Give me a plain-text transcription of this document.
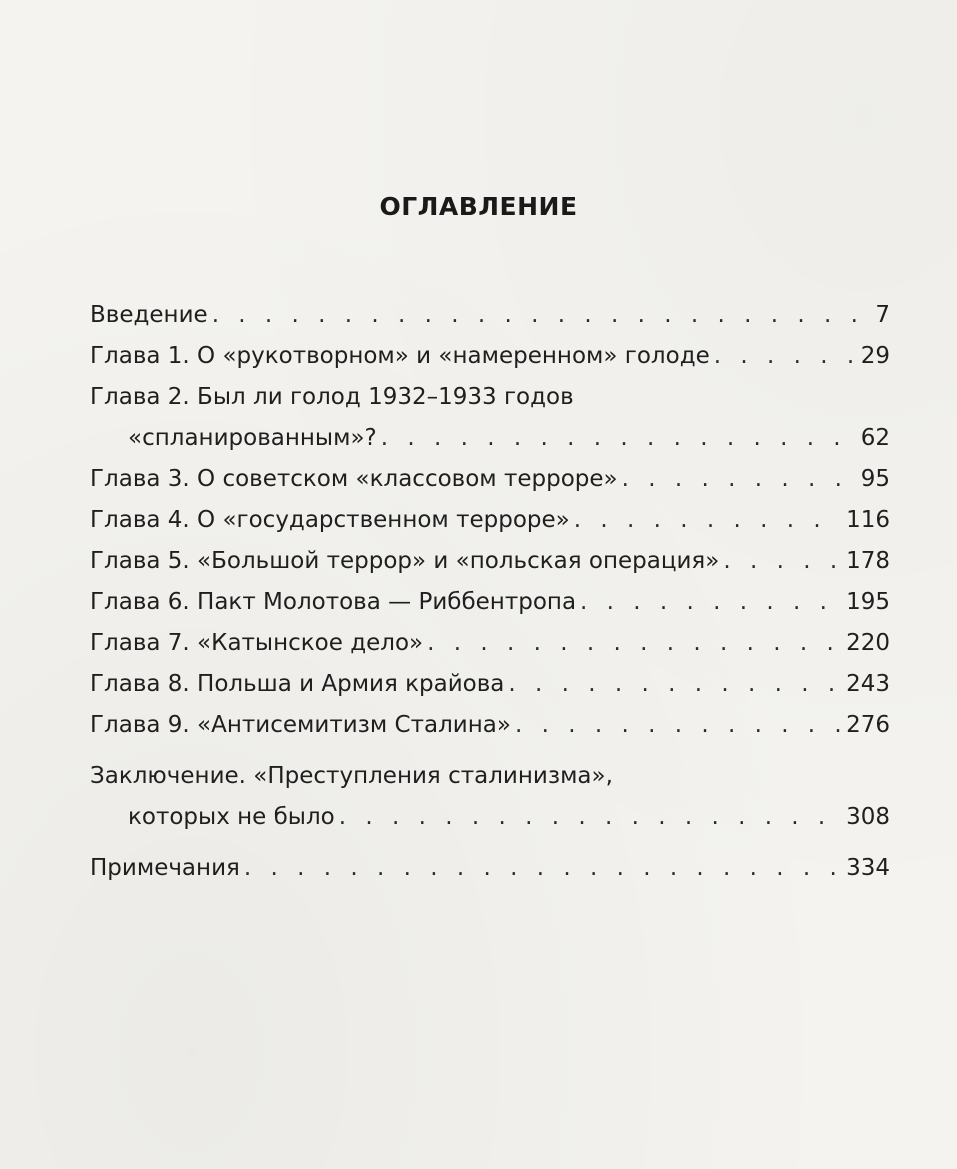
ОГЛАВЛЕНИЕ
Введение . . .	7
Глава 1. О «рукотворном» и «намеренном» голоде . . .	29
Глава 2. Был ли голод 1932–1933 годов
«спланированным»? . . .	62
Глава 3. О советском «классовом терроре» . . .	95
Глава 4. О «государственном терроре» . . .	116
Глава 5. «Большой террор» и «польская операция» . . .	178
Глава 6. Пакт Молотова — Риббентропа . . .	195
Глава 7. «Катынское дело» . . .	220
Глава 8. Польша и Армия крайова . . .	243
Глава 9. «Антисемитизм Сталина» . . .	276
Заключение. «Преступления сталинизма»,
которых не было . . .	308
Примечания . . .	334
